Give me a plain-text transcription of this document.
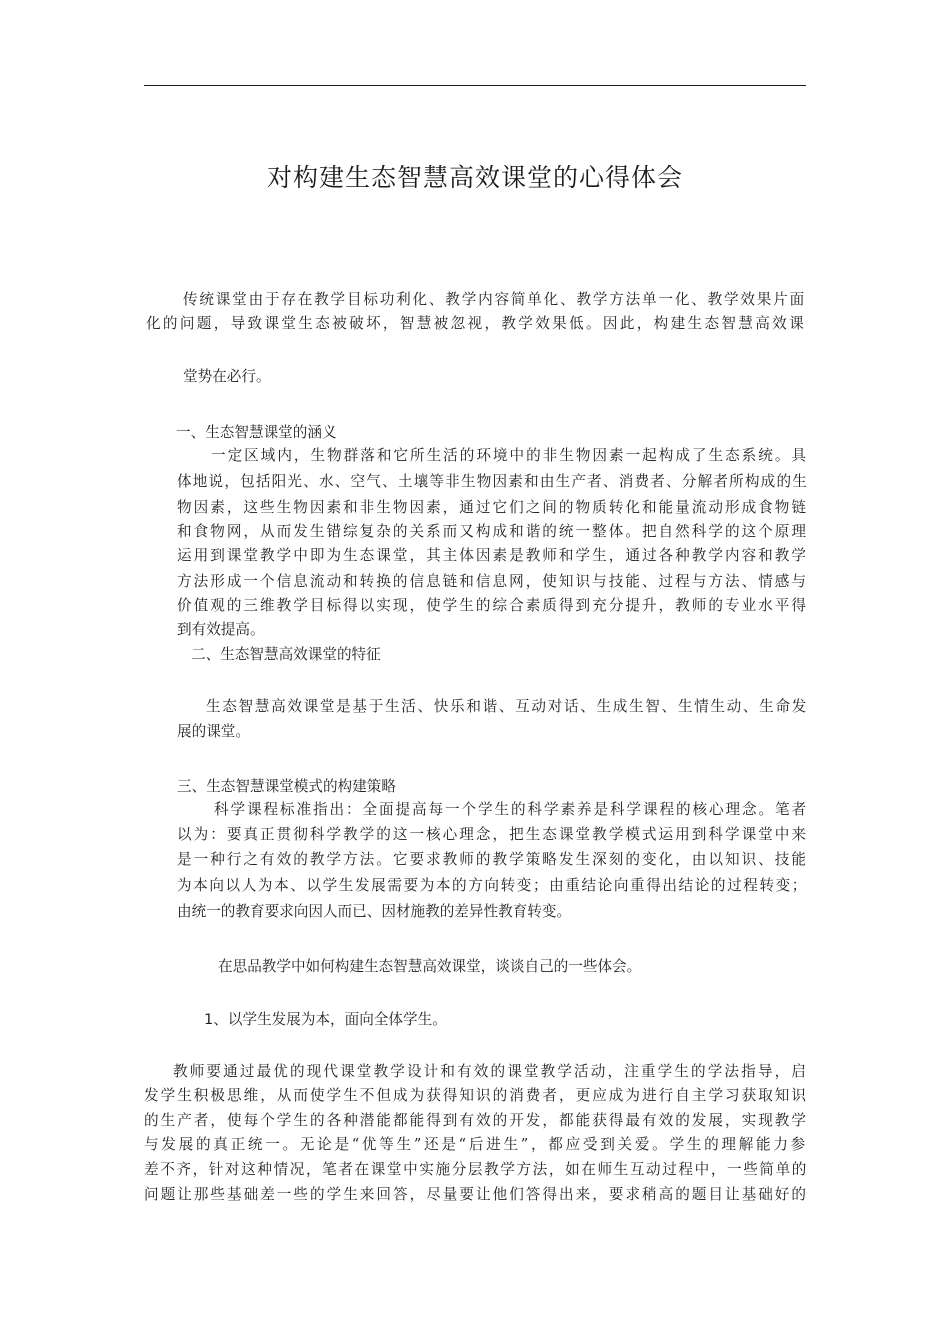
对构建生态智慧高效课堂的心得体会
传统课堂由于存在教学目标功利化、教学内容简单化、教学方法单一化、教学效果片面
化的问题，导致课堂生态被破坏，智慧被忽视，教学效果低。因此，构建生态智慧高效课
堂势在必行。
一、生态智慧课堂的涵义
一定区域内，生物群落和它所生活的环境中的非生物因素一起构成了生态系统。具
体地说，包括阳光、水、空气、土壤等非生物因素和由生产者、消费者、分解者所构成的生
物因素，这些生物因素和非生物因素，通过它们之间的物质转化和能量流动形成食物链
和食物网，从而发生错综复杂的关系而又构成和谐的统一整体。把自然科学的这个原理
运用到课堂教学中即为生态课堂，其主体因素是教师和学生，通过各种教学内容和教学
方法形成一个信息流动和转换的信息链和信息网，使知识与技能、过程与方法、情感与
价值观的三维教学目标得以实现，使学生的综合素质得到充分提升，教师的专业水平得
到有效提高。
二、生态智慧高效课堂的特征
生态智慧高效课堂是基于生活、快乐和谐、互动对话、生成生智、生情生动、生命发
展的课堂。
三、生态智慧课堂模式的构建策略
科学课程标准指出：全面提高每一个学生的科学素养是科学课程的核心理念。笔者
以为：要真正贯彻科学教学的这一核心理念，把生态课堂教学模式运用到科学课堂中来
是一种行之有效的教学方法。它要求教师的教学策略发生深刻的变化，由以知识、技能
为本向以人为本、以学生发展需要为本的方向转变；由重结论向重得出结论的过程转变；
由统一的教育要求向因人而已、因材施教的差异性教育转变。
在思品教学中如何构建生态智慧高效课堂，谈谈自己的一些体会。
1、以学生发展为本，面向全体学生。
教师要通过最优的现代课堂教学设计和有效的课堂教学活动，注重学生的学法指导，启
发学生积极思维，从而使学生不但成为获得知识的消费者，更应成为进行自主学习获取知识
的生产者，使每个学生的各种潜能都能得到有效的开发，都能获得最有效的发展，实现教学
与发展的真正统一。无论是“优等生”还是“后进生”，都应受到关爱。学生的理解能力参
差不齐，针对这种情况，笔者在课堂中实施分层教学方法，如在师生互动过程中，一些简单的
问题让那些基础差一些的学生来回答，尽量要让他们答得出来，要求稍高的题目让基础好的
